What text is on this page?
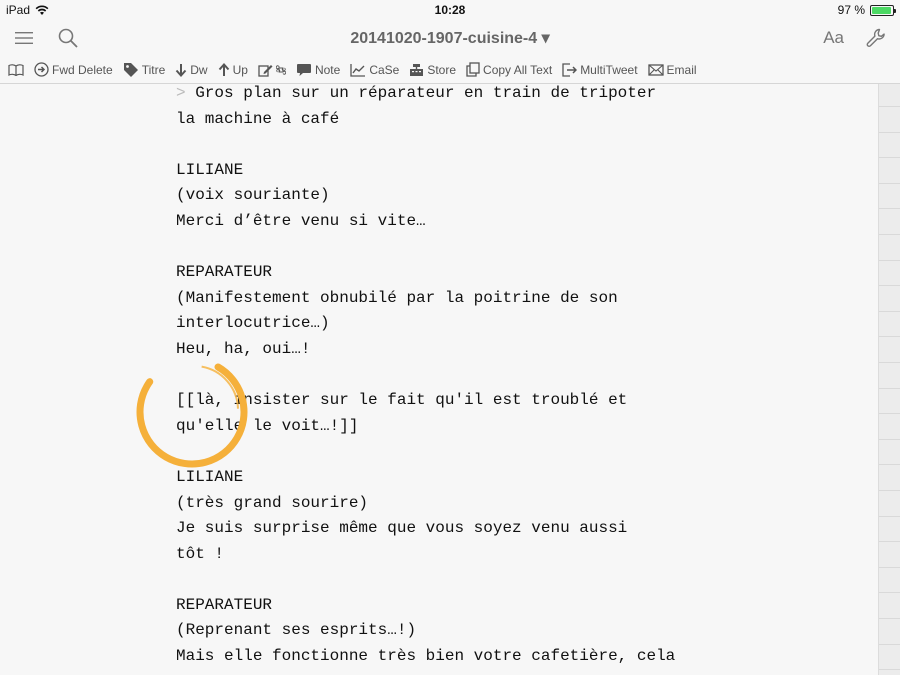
iPad	10:28	97 %
20141020-1907-cuisine-4 ▾	Aa
Fwd Delete Titre Dw Up	Note CaSe Store Copy All Text MultiTweet Email
> Gros plan sur un réparateur en train de tripoter
la machine à café
LILIANE
(voix souriante)
Merci d’être venu si vite…
REPARATEUR
(Manifestement obnubilé par la poitrine de son
interlocutrice…)
Heu, ha, oui…!
[[là, insister sur le fait qu'il est troublé et
qu'elle le voit…!]]
LILIANE
(très grand sourire)
Je suis surprise même que vous soyez venu aussi
tôt !
REPARATEUR
(Reprenant ses esprits…!)
Mais elle fonctionne très bien votre cafetière, cela
